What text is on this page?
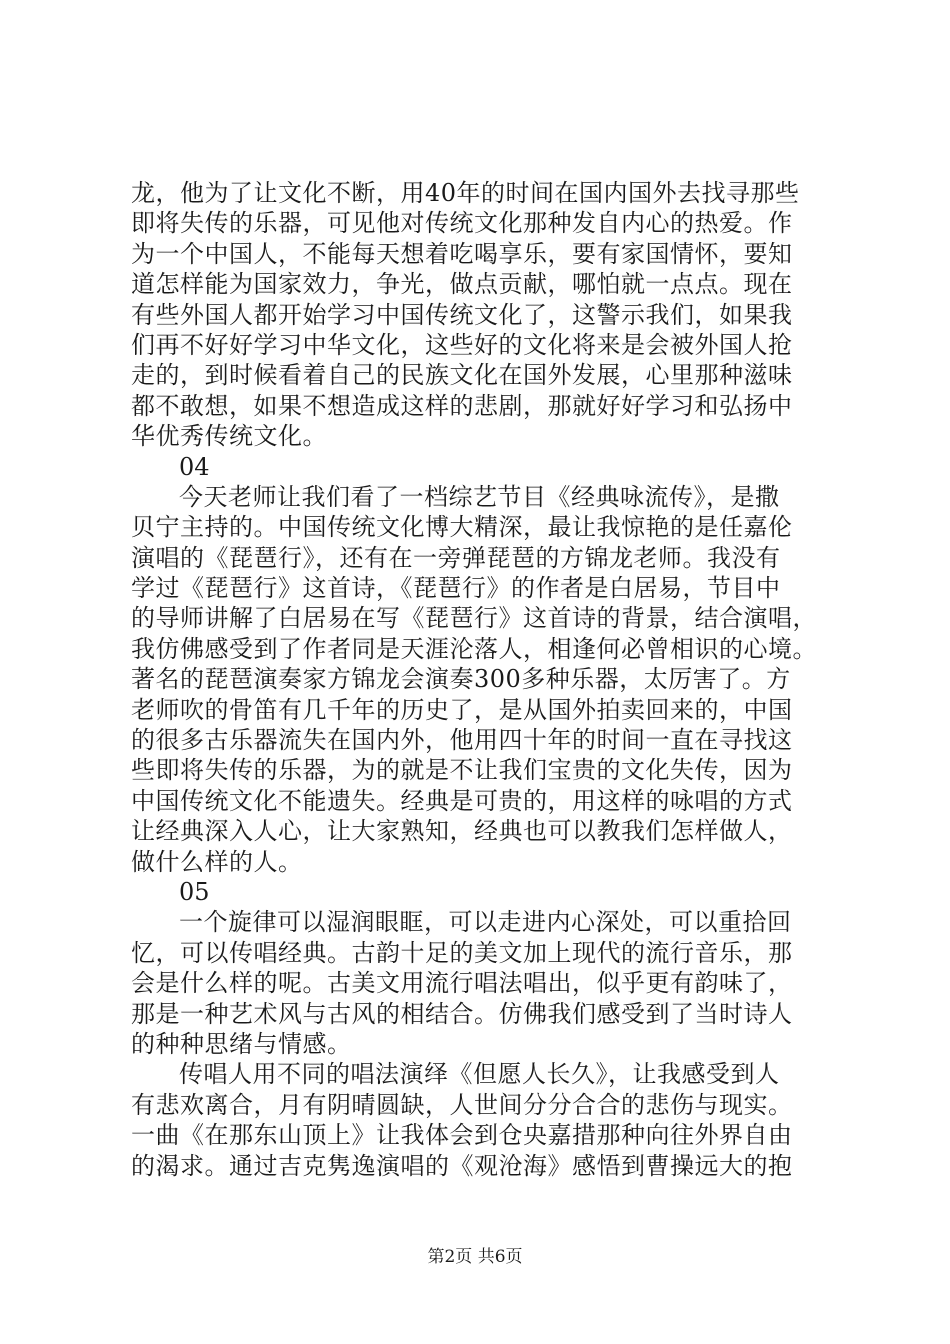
龙，他为了让文化不断，用40年的时间在国内国外去找寻那些
即将失传的乐器，可见他对传统文化那种发自内心的热爱。作
为一个中国人，不能每天想着吃喝享乐，要有家国情怀，要知
道怎样能为国家效力，争光，做点贡献，哪怕就一点点。现在
有些外国人都开始学习中国传统文化了，这警示我们，如果我
们再不好好学习中华文化，这些好的文化将来是会被外国人抢
走的，到时候看着自己的民族文化在国外发展，心里那种滋味
都不敢想，如果不想造成这样的悲剧，那就好好学习和弘扬中
华优秀传统文化。
04
今天老师让我们看了一档综艺节目《经典咏流传》，是撒
贝宁主持的。中国传统文化博大精深，最让我惊艳的是任嘉伦
演唱的《琵琶行》，还有在一旁弹琵琶的方锦龙老师。我没有
学过《琵琶行》这首诗，《琵琶行》的作者是白居易，节目中
的导师讲解了白居易在写《琵琶行》这首诗的背景，结合演唱，
我仿佛感受到了作者同是天涯沦落人，相逢何必曾相识的心境。
著名的琵琶演奏家方锦龙会演奏300多种乐器，太厉害了。方
老师吹的骨笛有几千年的历史了，是从国外拍卖回来的，中国
的很多古乐器流失在国内外，他用四十年的时间一直在寻找这
些即将失传的乐器，为的就是不让我们宝贵的文化失传，因为
中国传统文化不能遗失。经典是可贵的，用这样的咏唱的方式
让经典深入人心，让大家熟知，经典也可以教我们怎样做人，
做什么样的人。
05
一个旋律可以湿润眼眶，可以走进内心深处，可以重拾回
忆，可以传唱经典。古韵十足的美文加上现代的流行音乐，那
会是什么样的呢。古美文用流行唱法唱出，似乎更有韵味了，
那是一种艺术风与古风的相结合。仿佛我们感受到了当时诗人
的种种思绪与情感。
传唱人用不同的唱法演绎《但愿人长久》，让我感受到人
有悲欢离合，月有阴晴圆缺，人世间分分合合的悲伤与现实。
一曲《在那东山顶上》让我体会到仓央嘉措那种向往外界自由
的渴求。通过吉克隽逸演唱的《观沧海》感悟到曹操远大的抱
第2页 共6页
